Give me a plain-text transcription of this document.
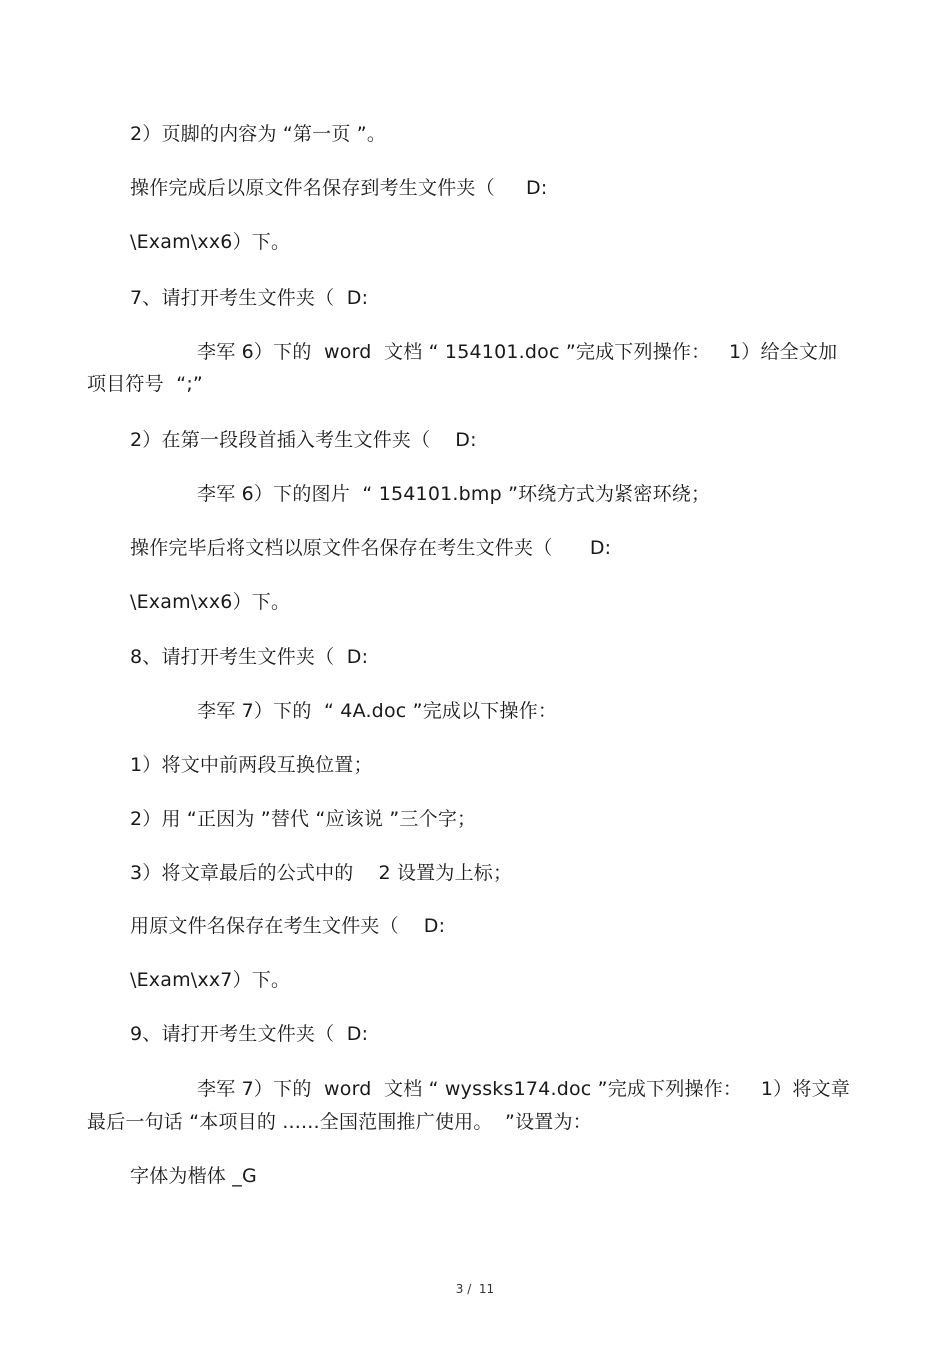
2）页脚的内容为 “第一页 ”。
操作完成后以原文件名保存到考生文件夹（     D:
\Exam\xx6）下。
7、请打开考生文件夹（  D:
李军 6）下的  word  文档 “ 154101.doc ”完成下列操作：   1）给全文加
项目符号  “;”
2）在第一段段首插入考生文件夹（    D:
李军 6）下的图片  “ 154101.bmp ”环绕方式为紧密环绕；
操作完毕后将文档以原文件名保存在考生文件夹（      D:
\Exam\xx6）下。
8、请打开考生文件夹（  D:
李军 7）下的  “ 4A.doc ”完成以下操作：
1）将文中前两段互换位置；
2）用 “正因为 ”替代 “应该说 ”三个字；
3）将文章最后的公式中的    2 设置为上标；
用原文件名保存在考生文件夹（    D:
\Exam\xx7）下。
9、请打开考生文件夹（  D:
李军 7）下的  word  文档 “ wyssks174.doc ”完成下列操作：   1）将文章
最后一句话 “本项目的 ......全国范围推广使用。  ”设置为：
字体为楷体 _G
3 /  11
